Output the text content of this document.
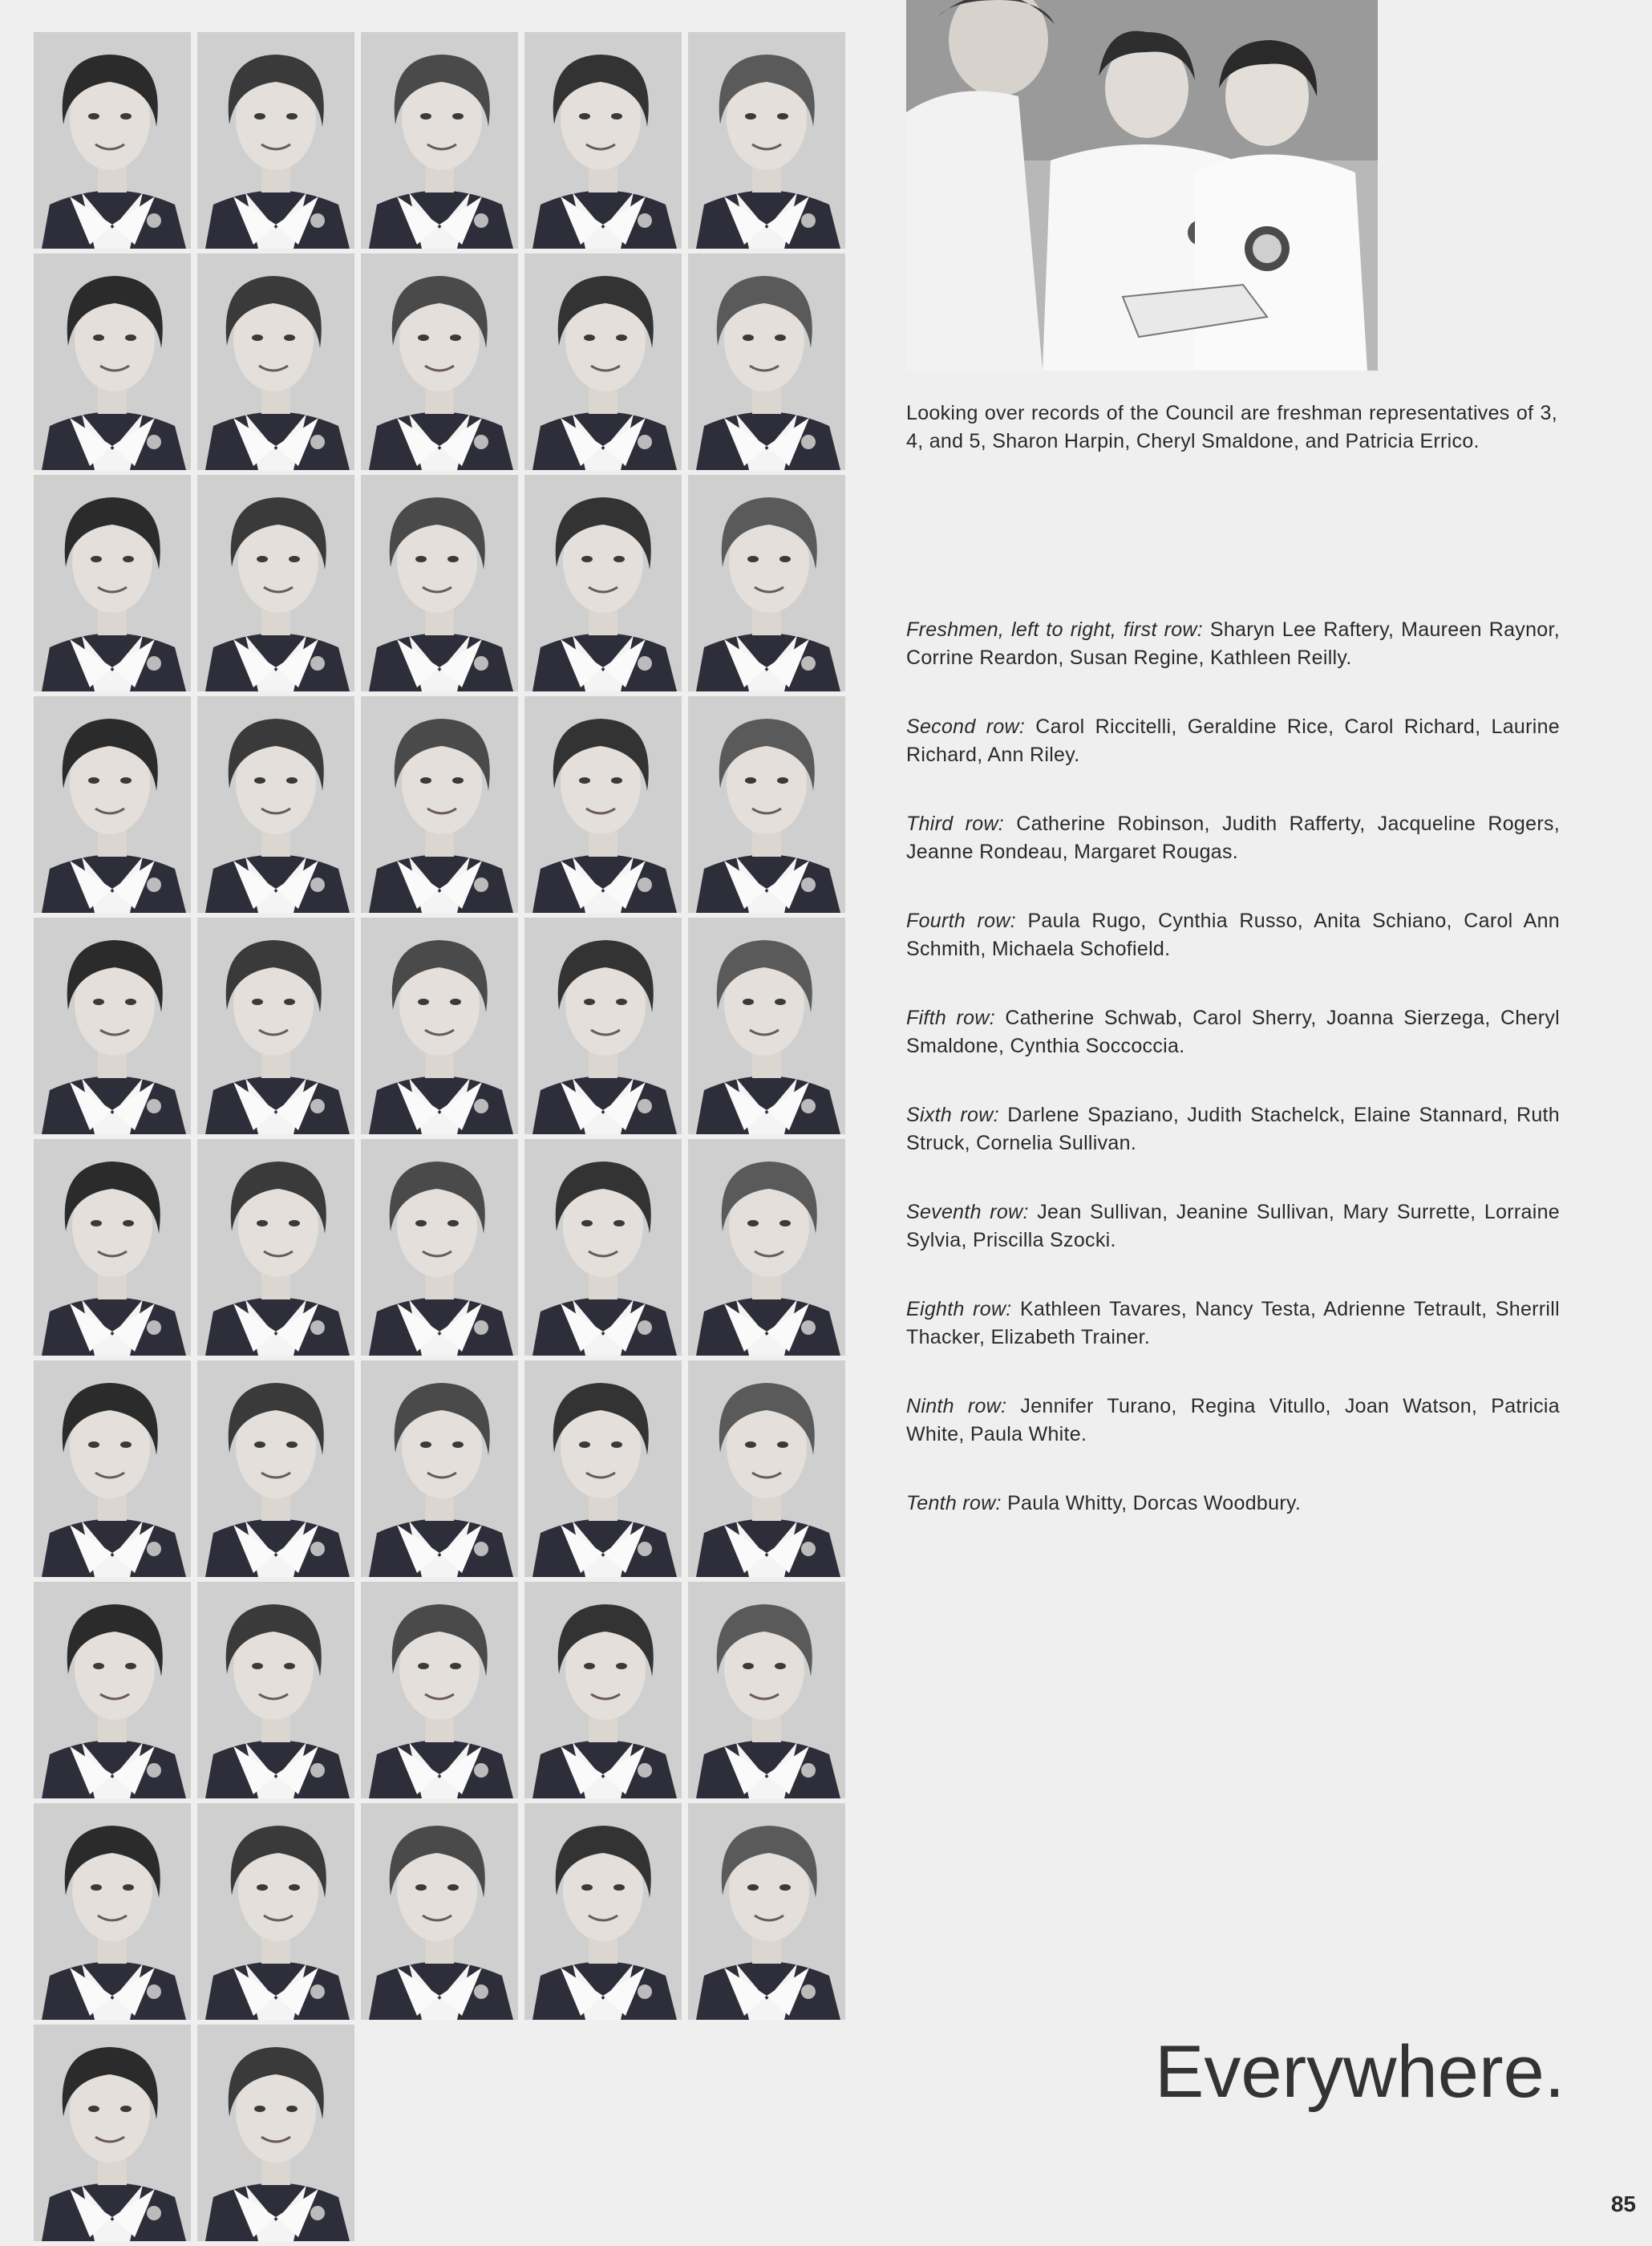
Looking over records of the Council are freshman representatives of 3, 4, and 5, Sharon Harpin, Cheryl Smaldone, and Patricia Errico.

Freshmen, left to right, first row: Sharyn Lee Raftery, Maureen Raynor, Corrine Reardon, Susan Regine, Kathleen Reilly.

Second row: Carol Riccitelli, Geraldine Rice, Carol Richard, Laurine Richard, Ann Riley.

Third row: Catherine Robinson, Judith Rafferty, Jacqueline Rogers, Jeanne Rondeau, Margaret Rougas.

Fourth row: Paula Rugo, Cynthia Russo, Anita Schiano, Carol Ann Schmith, Michaela Schofield.

Fifth row: Catherine Schwab, Carol Sherry, Joanna Sierzega, Cheryl Smaldone, Cynthia Soccoccia.

Sixth row: Darlene Spaziano, Judith Stachelck, Elaine Stannard, Ruth Struck, Cornelia Sullivan.

Seventh row: Jean Sullivan, Jeanine Sullivan, Mary Surrette, Lorraine Sylvia, Priscilla Szocki.

Eighth row: Kathleen Tavares, Nancy Testa, Adrienne Tetrault, Sherrill Thacker, Elizabeth Trainer.

Ninth row: Jennifer Turano, Regina Vitullo, Joan Watson, Patricia White, Paula White.

Tenth row: Paula Whitty, Dorcas Woodbury.

Everywhere.
85
